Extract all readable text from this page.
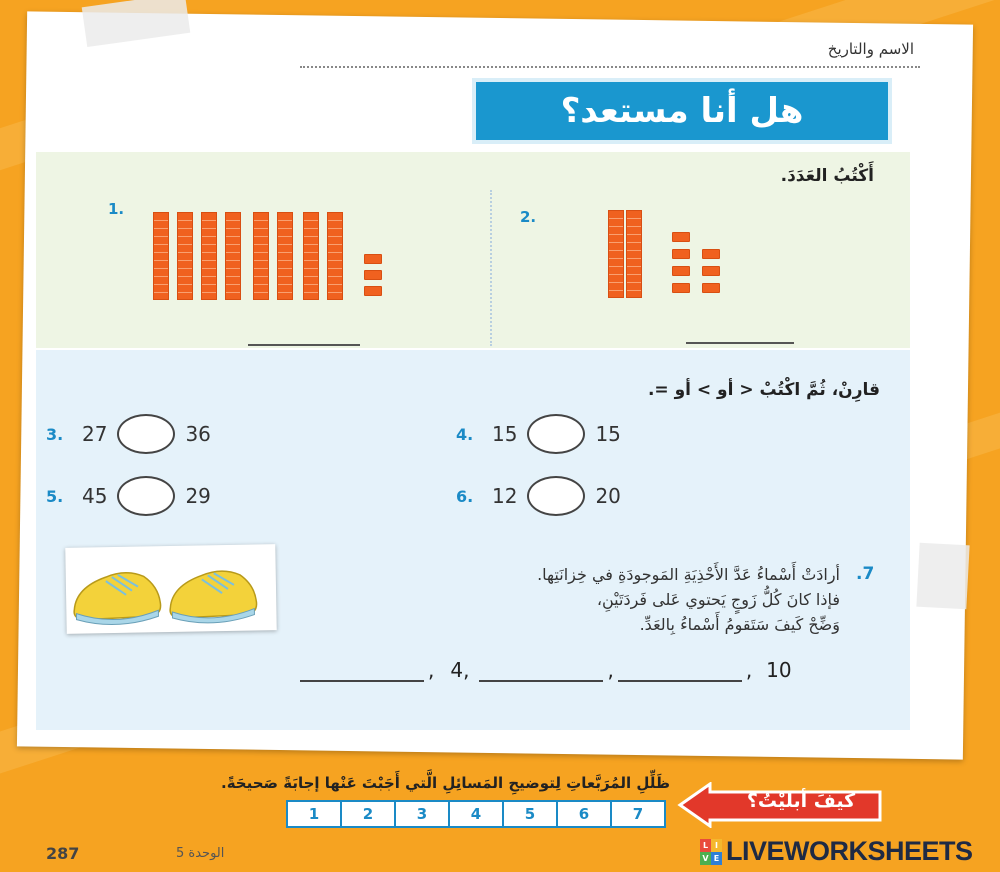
الاسم والتاريخ
هل أنا مستعد؟
أَكْتُبُ العَدَدَ.
1.	2.
قارِنْ، ثُمَّ اكْتُبْ < أو > أو =.
3. 27	36	4. 15	15
5. 45	29	6. 12	20
.7
أرادَتْ أَسْماءُ عَدَّ الأَحْذِيَةِ المَوجودَةِ في خِزانَتِها.
فإذا كانَ كُلُّ زَوجٍ يَحتوي عَلى فَردَتَيْنِ،
وَضِّحْ كَيفَ سَتَقومُ أَسْماءُ بِالعَدِّ.
, 4,	,	, 10
ظَلِّلِ المُرَبَّعاتِ لِتوضيحِ المَسائِلِ الَّتي أَجَبْتَ عَنْها إجابَةً صَحيحَةً.
1	2	3	4	5	6	7
كيفَ أبليْتُ؟
287	الوحدة 5
L I
V E LIVEWORKSHEETS
